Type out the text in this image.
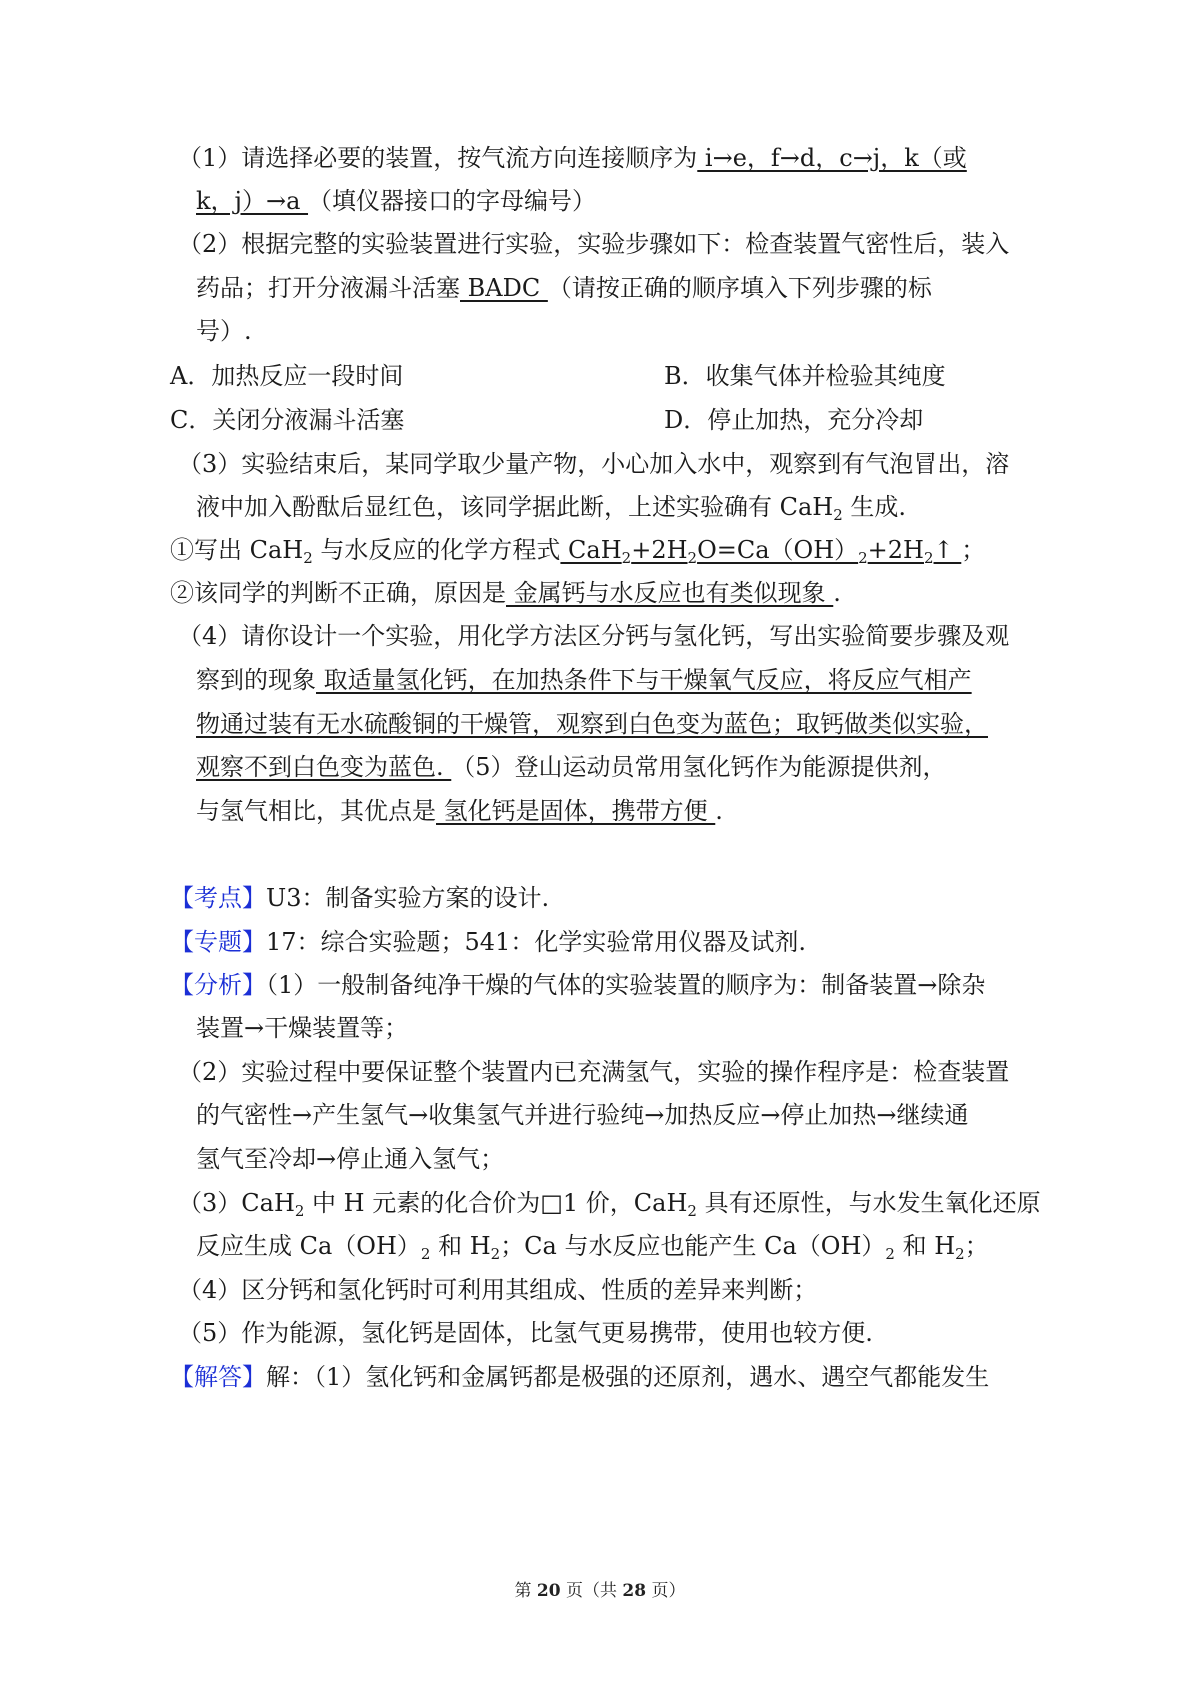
（1）请选择必要的装置，按气流方向连接顺序为 i→e，f→d，c→j，k（或
k，j）→a （填仪器接口的字母编号）
（2）根据完整的实验装置进行实验，实验步骤如下：检查装置气密性后，装入
药品；打开分液漏斗活塞 BADC （请按正确的顺序填入下列步骤的标
号）.
A．加热反应一段时间	B．收集气体并检验其纯度
C．关闭分液漏斗活塞	D．停止加热，充分冷却
（3）实验结束后，某同学取少量产物，小心加入水中，观察到有气泡冒出，溶
液中加入酚酞后显红色，该同学据此断，上述实验确有 CaH$_2$ 生成.
①写出 CaH$_2$ 与水反应的化学方程式 $CaH_2+2H_2O=Ca(OH)_2+2H_2↑$ ；
②该同学的判断不正确，原因是 金属钙与水反应也有类似现象 .
（4）请你设计一个实验，用化学方法区分钙与氢化钙，写出实验简要步骤及观
察到的现象 取适量氢化钙，在加热条件下与干燥氧气反应，将反应气相产
物通过装有无水硫酸铜的干燥管，观察到白色变为蓝色；取钙做类似实验，
观察不到白色变为蓝色. （5）登山运动员常用氢化钙作为能源提供剂，
与氢气相比，其优点是 氢化钙是固体，携带方便 .
【考点】U3：制备实验方案的设计.
【专题】17：综合实验题；541：化学实验常用仪器及试剂.
【分析】（1）一般制备纯净干燥的气体的实验装置的顺序为：制备装置→除杂
装置→干燥装置等；
（2）实验过程中要保证整个装置内已充满氢气，实验的操作程序是：检查装置
的气密性→产生氢气→收集氢气并进行验纯→加热反应→停止加热→继续通
氢气至冷却→停止通入氢气；
（3）CaH$_2$ 中 H 元素的化合价为□1 价，CaH$_2$ 具有还原性，与水发生氧化还原
反应生成 $Ca(OH)_2$ 和 $H_2$；Ca 与水反应也能产生 $Ca(OH)_2$ 和 $H_2$；
（4）区分钙和氢化钙时可利用其组成、性质的差异来判断；
（5）作为能源，氢化钙是固体，比氢气更易携带，使用也较方便.
【解答】解：（1）氢化钙和金属钙都是极强的还原剂，遇水、遇空气都能发生
第 20 页（共 28 页）
